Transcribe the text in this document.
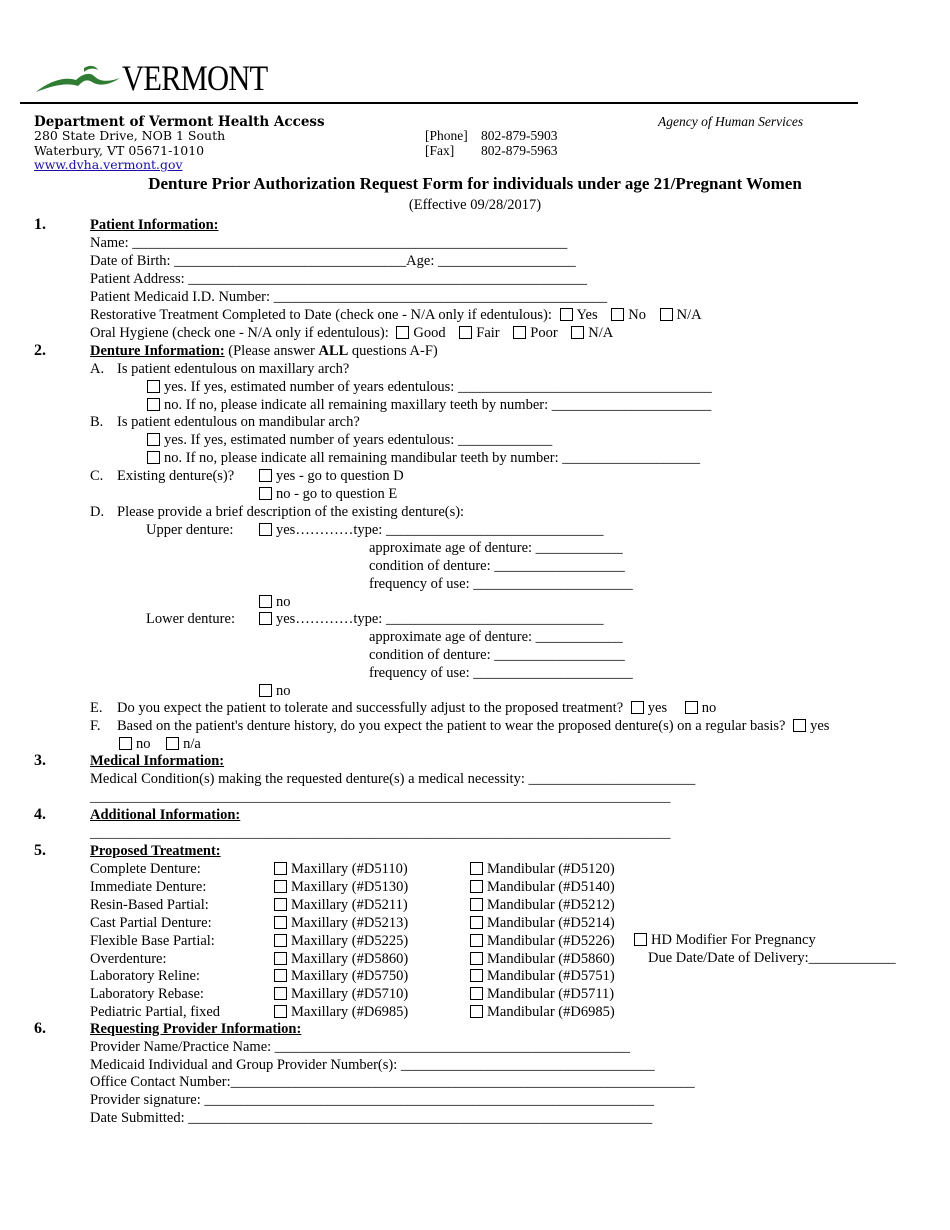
VERMONT
Department of Vermont Health Access
280 State Drive, NOB 1 South
Waterbury, VT 05671-1010
www.dvha.vermont.gov
[Phone] 802-879-5903
[Fax] 802-879-5963
Agency of Human Services
Denture Prior Authorization Request Form for individuals under age 21/Pregnant Women
(Effective 09/28/2017)
1.	Patient Information:
Name: ____________________________________________________________
Date of Birth: ________________________________Age: ___________________
Patient Address: _______________________________________________________
Patient Medicaid I.D. Number: ______________________________________________
Restorative Treatment Completed to Date (check one - N/A only if edentulous): Yes No N/A
Oral Hygiene (check one - N/A only if edentulous): Good Fair Poor N/A
2.	Denture Information: (Please answer ALL questions A-F)
A. Is patient edentulous on maxillary arch?
yes. If yes, estimated number of years edentulous: ___________________________________
no. If no, please indicate all remaining maxillary teeth by number: ______________________
B. Is patient edentulous on mandibular arch?
yes. If yes, estimated number of years edentulous: _____________
no. If no, please indicate all remaining mandibular teeth by number: ___________________
C. Existing denture(s)?	yes - go to question D
no - go to question E
D. Please provide a brief description of the existing denture(s):
Upper denture:	yes…………type: ______________________________
approximate age of denture: ____________
condition of denture: __________________
frequency of use: ______________________
no
Lower denture:	yes…………type: ______________________________
approximate age of denture: ____________
condition of denture: __________________
frequency of use: ______________________
no
E. Do you expect the patient to tolerate and successfully adjust to the proposed treatment? yes no
F. Based on the patient's denture history, do you expect the patient to wear the proposed denture(s) on a regular basis? yes
no n/a
3.	Medical Information:
Medical Condition(s) making the requested denture(s) a medical necessity: _______________________
______________________________________________________________________________________
4.	Additional Information:
______________________________________________________________________________________
5.	Proposed Treatment:
Complete Denture:	Maxillary (#D5110)	Mandibular (#D5120)
Immediate Denture:	Maxillary (#D5130)	Mandibular (#D5140)
Resin-Based Partial:	Maxillary (#D5211)	Mandibular (#D5212)
Cast Partial Denture:	Maxillary (#D5213)	Mandibular (#D5214)
Flexible Base Partial:	Maxillary (#D5225)	Mandibular (#D5226)
Overdenture:	Maxillary (#D5860)	Mandibular (#D5860)
Laboratory Reline:	Maxillary (#D5750)	Mandibular (#D5751)
Laboratory Rebase:	Maxillary (#D5710)	Mandibular (#D5711)
Pediatric Partial, fixed	Maxillary (#D6985)	Mandibular (#D6985)
HD Modifier For Pregnancy
Due Date/Date of Delivery:____________
6.	Requesting Provider Information:
Provider Name/Practice Name: _________________________________________________
Medicaid Individual and Group Provider Number(s): ___________________________________
Office Contact Number:________________________________________________________________
Provider signature: ______________________________________________________________
Date Submitted: ________________________________________________________________
